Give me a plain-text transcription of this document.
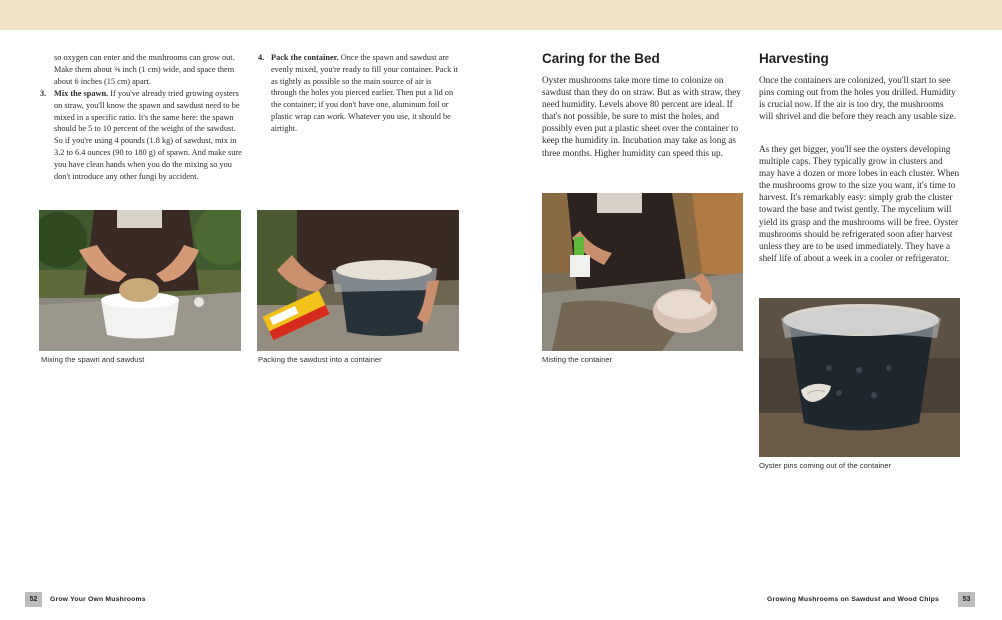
so oxygen can enter and the mushrooms can grow out. Make them about ⅜ inch (1 cm) wide, and space them about 6 inches (15 cm) apart.

3. Mix the spawn. If you've already tried growing oysters on straw, you'll know the spawn and sawdust need to be mixed in a specific ratio. It's the same here: the spawn should be 5 to 10 percent of the weight of the sawdust. So if you're using 4 pounds (1.8 kg) of sawdust, mix in 3.2 to 6.4 ounces (90 to 180 g) of spawn. And make sure you have clean hands when you do the mixing so you don't introduce any other fungi by accident.

4. Pack the container. Once the spawn and sawdust are evenly mixed, you're ready to fill your container. Pack it as tightly as possible so the main source of air is through the holes you pierced earlier. Then put a lid on the container; if you don't have one, aluminum foil or plastic wrap can work. Whatever you use, it should be airtight.

Mixing the spawn and sawdust	Packing the sawdust into a container

52	Grow Your Own Mushrooms
Caring for the Bed

Oyster mushrooms take more time to colonize on sawdust than they do on straw. But as with straw, they need humidity. Levels above 80 percent are ideal. If that's not possible, be sure to mist the holes, and possibly even put a plastic sheet over the container to keep the humidity in. Incubation may take as long as three months. Higher humidity can speed this up.

Misting the container

Harvesting

Once the containers are colonized, you'll start to see pins coming out from the holes you drilled. Humidity is crucial now. If the air is too dry, the mushrooms will shrivel and die before they reach any usable size.

As they get bigger, you'll see the oysters developing multiple caps. They typically grow in clusters and may have a dozen or more lobes in each cluster. When the mushrooms grow to the size you want, it's time to harvest. It's remarkably easy: simply grab the cluster toward the base and twist gently. The mycelium will yield its grasp and the mushrooms will be free. Oyster mushrooms should be refrigerated soon after harvest unless they are to be used immediately. They have a shelf life of about a week in a cooler or refrigerator.

Oyster pins coming out of the container

Growing Mushrooms on Sawdust and Wood Chips	53
